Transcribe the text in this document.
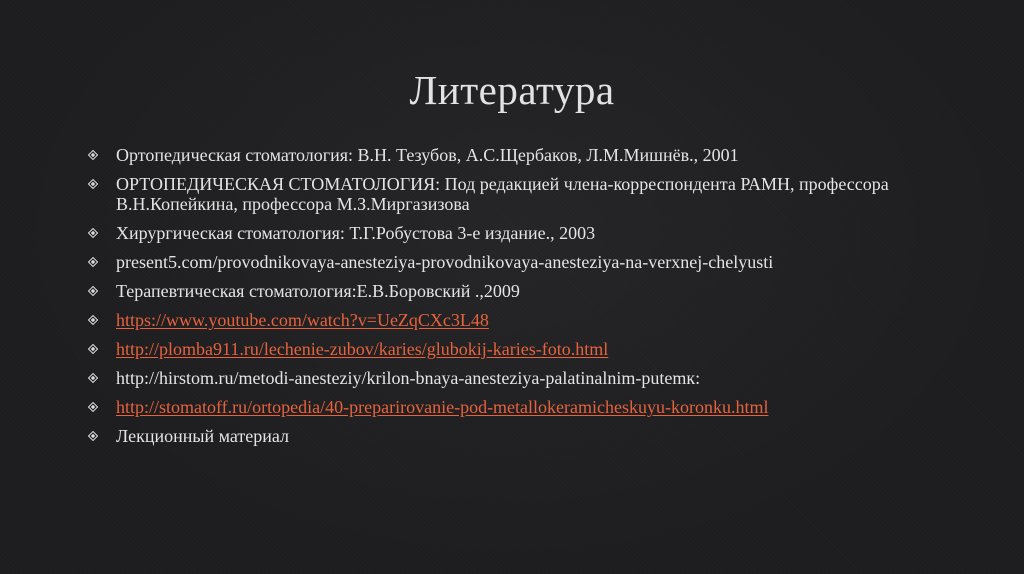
Литература
Ортопедическая стоматология: В.Н. Тезубов, А.С.Щербаков, Л.М.Мишнёв., 2001
ОРТОПЕДИЧЕСКАЯ СТОМАТОЛОГИЯ: Под редакцией члена-корреспондента РАМН, профессора В.Н.Копейкина, профессора М.З.Миргазизова
Хирургическая стоматология: Т.Г.Робустова 3-е издание., 2003
present5.com/provodnikovaya-anesteziya-provodnikovaya-anesteziya-na-verxnej-chelyusti
Терапевтическая стоматология:Е.В.Боровский .,2009
https://www.youtube.com/watch?v=UeZqCXc3L48
http://plomba911.ru/lechenie-zubov/karies/glubokij-karies-foto.html
http://hirstom.ru/metodi-anesteziy/krilon-bnaya-anesteziya-palatinalnim-putemк:
http://stomatoff.ru/ortopedia/40-preparirovanie-pod-metallokeramicheskuyu-koronku.html
Лекционный материал
